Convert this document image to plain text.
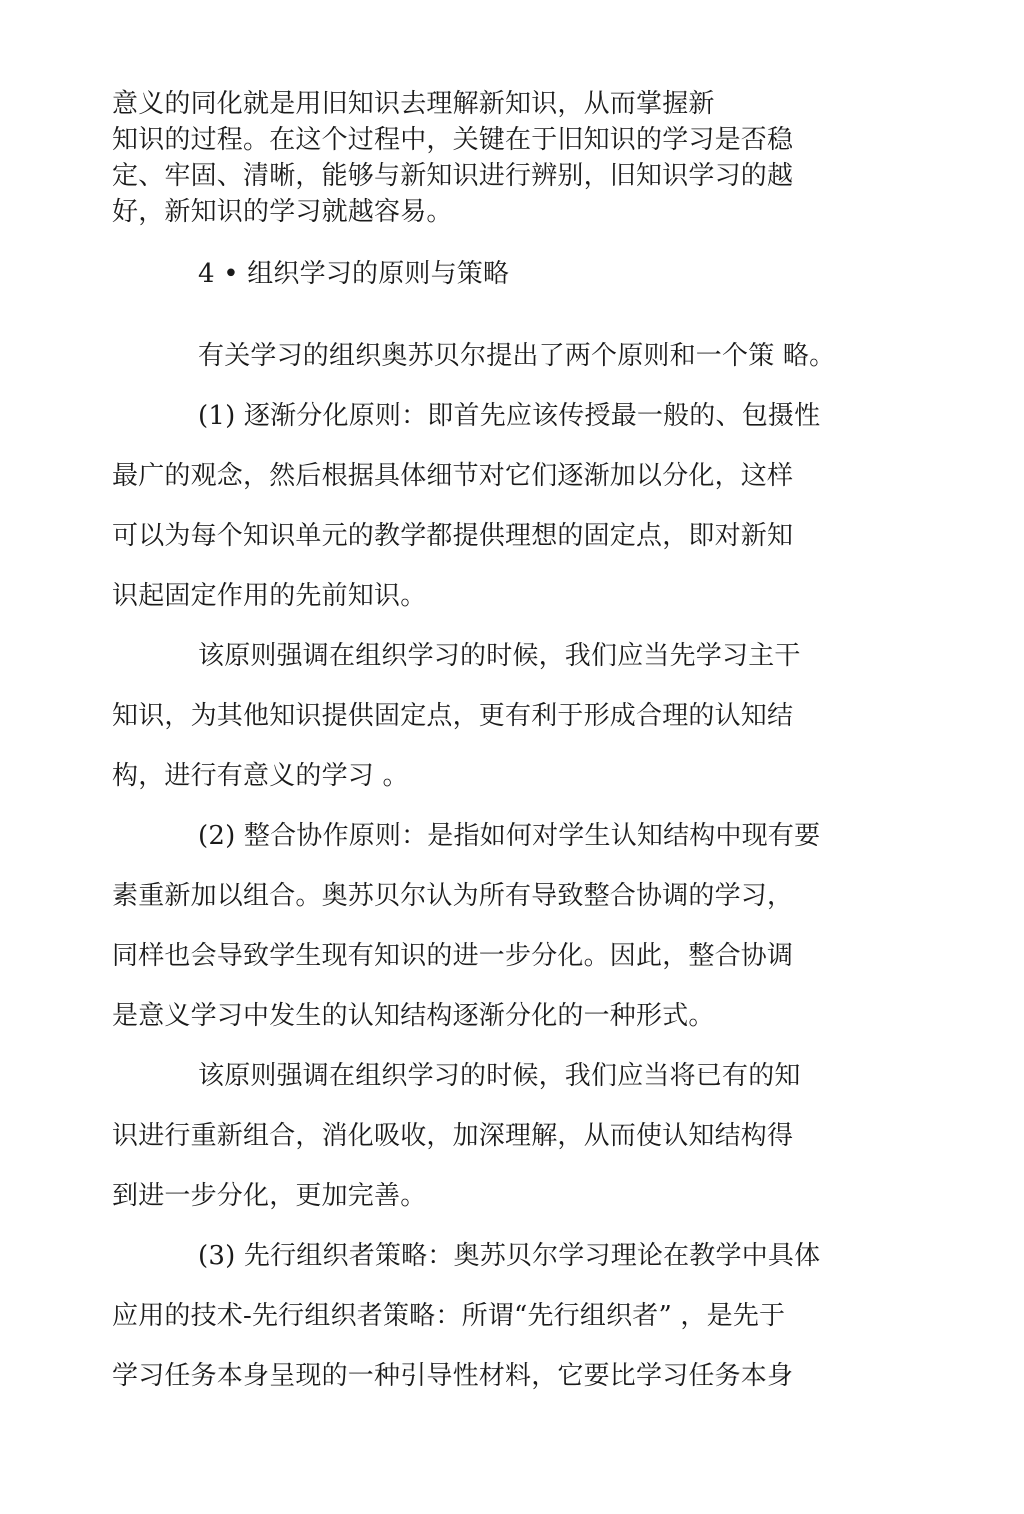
意义的同化就是用旧知识去理解新知识，从而掌握新
知识的过程。在这个过程中，关键在于旧知识的学习是否稳
定、牢固、清晰，能够与新知识进行辨别，旧知识学习的越
好，新知识的学习就越容易。
4 • 组织学习的原则与策略
有关学习的组织奥苏贝尔提出了两个原则和一个策 略。
(1) 逐渐分化原则：即首先应该传授最一般的、包摄性
最广的观念，然后根据具体细节对它们逐渐加以分化，这样
可以为每个知识单元的教学都提供理想的固定点，即对新知
识起固定作用的先前知识。
该原则强调在组织学习的时候，我们应当先学习主干
知识，为其他知识提供固定点，更有利于形成合理的认知结
构，进行有意义的学习 。
(2) 整合协作原则：是指如何对学生认知结构中现有要
素重新加以组合。奥苏贝尔认为所有导致整合协调的学习，
同样也会导致学生现有知识的进一步分化。因此，整合协调
是意义学习中发生的认知结构逐渐分化的一种形式。
该原则强调在组织学习的时候，我们应当将已有的知
识进行重新组合，消化吸收，加深理解，从而使认知结构得
到进一步分化，更加完善。
(3) 先行组织者策略：奥苏贝尔学习理论在教学中具体
应用的技术-先行组织者策略：所谓“先行组织者” ，是先于
学习任务本身呈现的一种引导性材料，它要比学习任务本身
